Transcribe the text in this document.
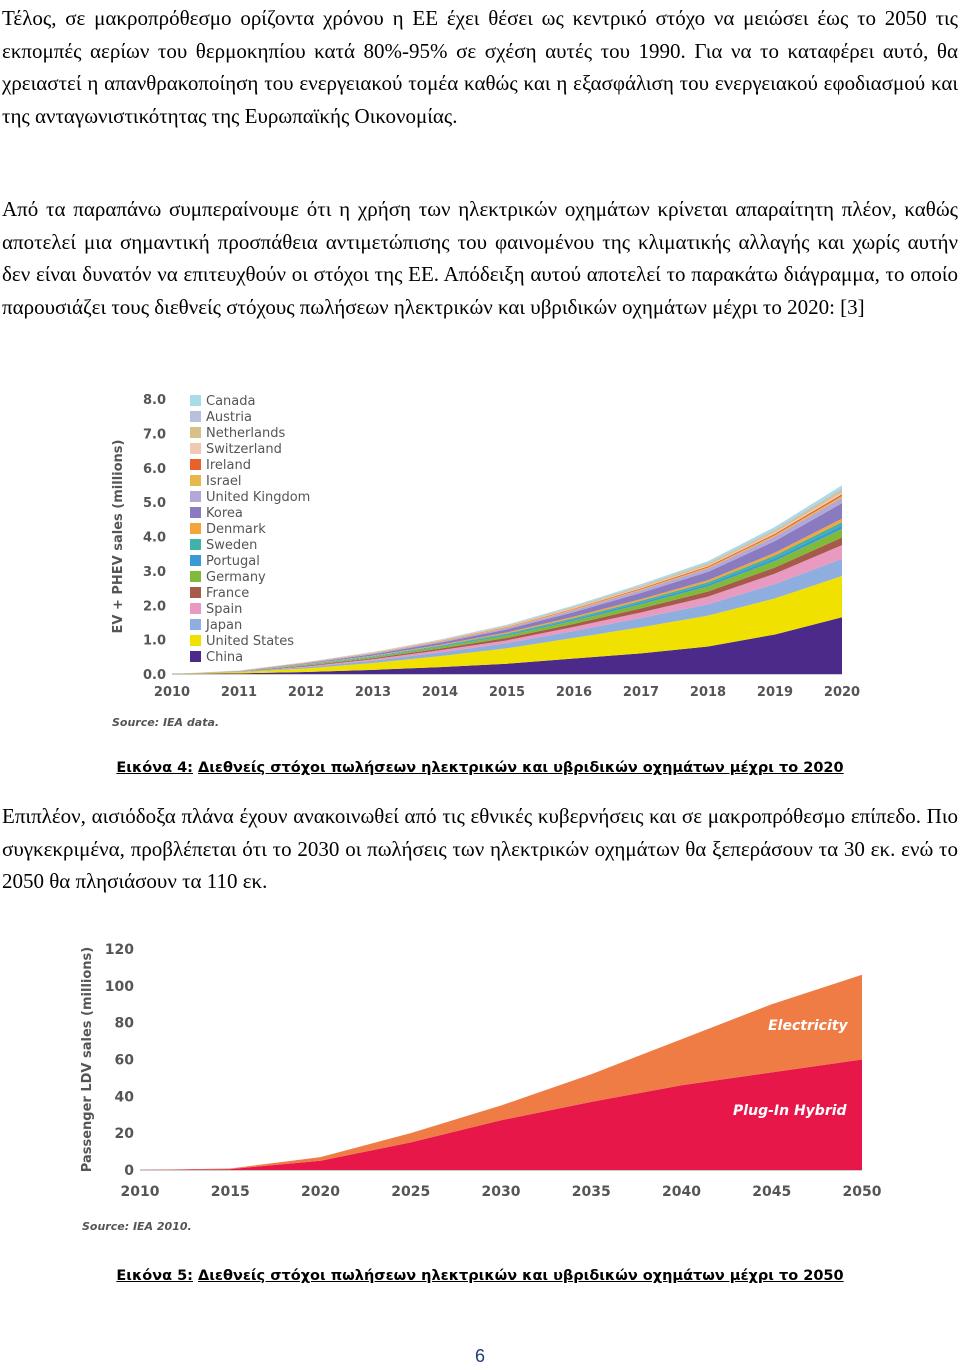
Τέλος, σε μακροπρόθεσμο ορίζοντα χρόνου η ΕΕ έχει θέσει ως κεντρικό στόχο να μειώσει έως το 2050 τις εκπομπές αερίων του θερμοκηπίου κατά 80%-95% σε σχέση αυτές του 1990. Για να το καταφέρει αυτό, θα χρειαστεί η απανθρακοποίηση του ενεργειακού τομέα καθώς και η εξασφάλιση του ενεργειακού εφοδιασμού και της ανταγωνιστικότητας της Ευρωπαϊκής Οικονομίας.

Από τα παραπάνω συμπεραίνουμε ότι η χρήση των ηλεκτρικών οχημάτων κρίνεται απαραίτητη πλέον, καθώς αποτελεί μια σημαντική προσπάθεια αντιμετώπισης του φαινομένου της κλιματικής αλλαγής και χωρίς αυτήν δεν είναι δυνατόν να επιτευχθούν οι στόχοι της ΕΕ. Απόδειξη αυτού αποτελεί το παρακάτω διάγραμμα, το οποίο παρουσιάζει τους διεθνείς στόχους πωλήσεων ηλεκτρικών και υβριδικών οχημάτων μέχρι το 2020: [3]

0.0
1.0
2.0
3.0
4.0
5.0
6.0
7.0
8.0
2010 2011 2012 2013 2014 2015 2016 2017 2018 2019 2020
EV + PHEV sales (millions)
Source: IEA data.
Canada
Austria
Netherlands
Switzerland
Ireland
Israel
United Kingdom
Korea
Denmark
Sweden
Portugal
Germany
France
Spain
Japan
United States
China
Εικόνα 4: Διεθνείς στόχοι πωλήσεων ηλεκτρικών και υβριδικών οχημάτων μέχρι το 2020

Επιπλέον, αισιόδοξα πλάνα έχουν ανακοινωθεί από τις εθνικές κυβερνήσεις και σε μακροπρόθεσμο επίπεδο. Πιο συγκεκριμένα, προβλέπεται ότι το 2030 οι πωλήσεις των ηλεκτρικών οχημάτων θα ξεπεράσουν τα 30 εκ. ενώ το 2050 θα πλησιάσουν τα 110 εκ.

0
20
40
60
80
100
120
2010	2015	2020	2025	2030	2035	2040	2045	2050
Passenger LDV sales (millions)
Source: IEA 2010.
Plug-In Hybrid
Electricity
Εικόνα 5: Διεθνείς στόχοι πωλήσεων ηλεκτρικών και υβριδικών οχημάτων μέχρι το 2050
6
